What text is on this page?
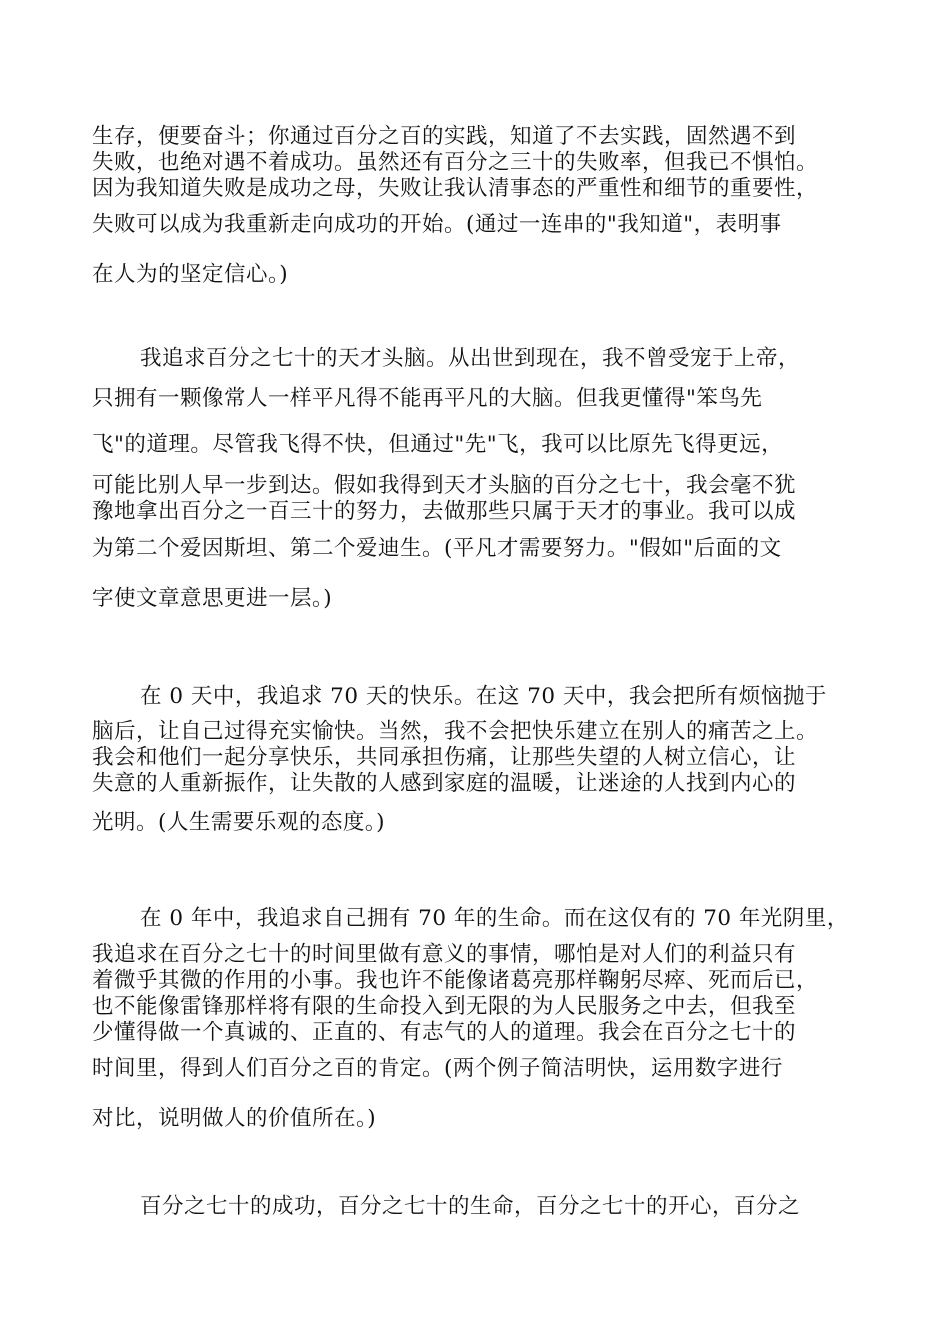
生存，便要奋斗；你通过百分之百的实践，知道了不去实践，固然遇不到
失败，也绝对遇不着成功。虽然还有百分之三十的失败率，但我已不惧怕。
因为我知道失败是成功之母，失败让我认清事态的严重性和细节的重要性，
失败可以成为我重新走向成功的开始。(通过一连串的"我知道"，表明事
在人为的坚定信心。)
我追求百分之七十的天才头脑。从出世到现在，我不曾受宠于上帝，
只拥有一颗像常人一样平凡得不能再平凡的大脑。但我更懂得"笨鸟先
飞"的道理。尽管我飞得不快，但通过"先"飞，我可以比原先飞得更远，
可能比别人早一步到达。假如我得到天才头脑的百分之七十，我会毫不犹
豫地拿出百分之一百三十的努力，去做那些只属于天才的事业。我可以成
为第二个爱因斯坦、第二个爱迪生。(平凡才需要努力。"假如"后面的文
字使文章意思更进一层。)
在 0 天中，我追求 70 天的快乐。在这 70 天中，我会把所有烦恼抛于
脑后，让自己过得充实愉快。当然，我不会把快乐建立在别人的痛苦之上。
我会和他们一起分享快乐，共同承担伤痛，让那些失望的人树立信心，让
失意的人重新振作，让失散的人感到家庭的温暖，让迷途的人找到内心的
光明。(人生需要乐观的态度。)
在 0 年中，我追求自己拥有 70 年的生命。而在这仅有的 70 年光阴里，
我追求在百分之七十的时间里做有意义的事情，哪怕是对人们的利益只有
着微乎其微的作用的小事。我也许不能像诸葛亮那样鞠躬尽瘁、死而后已，
也不能像雷锋那样将有限的生命投入到无限的为人民服务之中去，但我至
少懂得做一个真诚的、正直的、有志气的人的道理。我会在百分之七十的
时间里，得到人们百分之百的肯定。(两个例子简洁明快，运用数字进行
对比，说明做人的价值所在。)
百分之七十的成功，百分之七十的生命，百分之七十的开心，百分之
